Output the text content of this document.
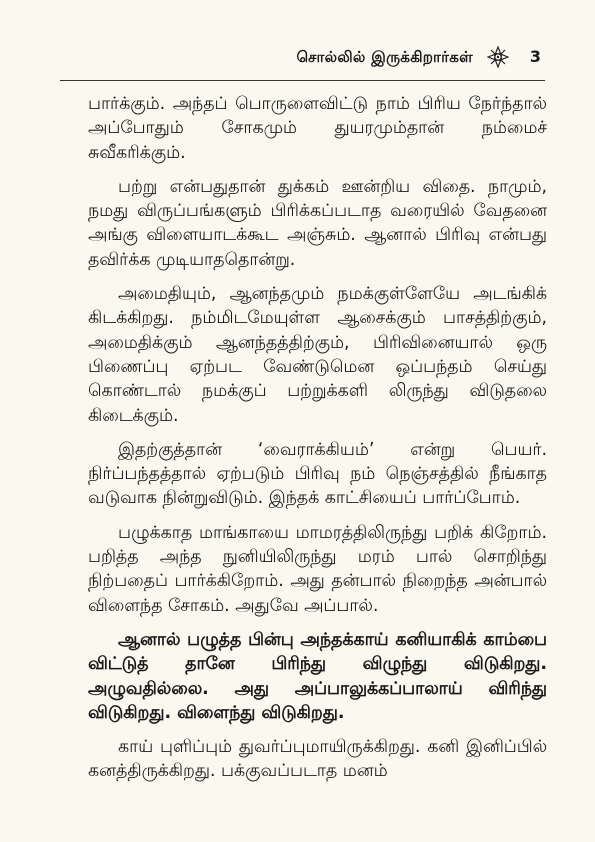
சொல்லில் இருக்கிறார்கள்	3

பார்க்கும். அந்தப் பொருளைவிட்டு நாம் பிரிய நேர்ந்தால் அப்போதும் சோகமும் துயரமும்தான் நம்மைச் சுவீகரிக்கும்.

பற்று என்பதுதான் துக்கம் ஊன்றிய விதை. நாமும், நமது விருப்பங்களும் பிரிக்கப்படாத வரையில் வேதனை அங்கு விளையாடக்கூட அஞ்சும். ஆனால் பிரிவு என்பது தவிர்க்க முடியாததொன்று.

அமைதியும், ஆனந்தமும் நமக்குள்ளேயே அடங்கிக் கிடக்கிறது. நம்மிடமேயுள்ள ஆசைக்கும் பாசத்திற்கும், அமைதிக்கும் ஆனந்தத்திற்கும், பிரிவினையால் ஒரு பிணைப்பு ஏற்பட வேண்டுமென ஒப்பந்தம் செய்து கொண்டால் நமக்குப் பற்றுக்களி லிருந்து விடுதலை கிடைக்கும்.

இதற்குத்தான் ‘வைராக்கியம்’ என்று பெயர். நிர்ப்பந்தத்தால் ஏற்படும் பிரிவு நம் நெஞ்சத்தில் நீங்காத வடுவாக நின்றுவிடும். இந்தக் காட்சியைப் பார்ப்போம்.

பழுக்காத மாங்காயை மாமரத்திலிருந்து பறிக் கிறோம். பறித்த அந்த நுனியிலிருந்து மரம் பால் சொறிந்து நிற்பதைப் பார்க்கிறோம். அது தன்பால் நிறைந்த அன்பால் விளைந்த சோகம். அதுவே அப்பால்.

ஆனால் பழுத்த பின்பு அந்தக்காய் கனியாகிக் காம்பை விட்டுத் தானே பிரிந்து விழுந்து விடுகிறது. அழுவதில்லை. அது அப்பாலுக்கப்பாலாய் விரிந்து விடுகிறது. விளைந்து விடுகிறது.

காய் புளிப்பும் துவர்ப்புமாயிருக்கிறது. கனி இனிப்பில் கனத்திருக்கிறது. பக்குவப்படாத மனம்
